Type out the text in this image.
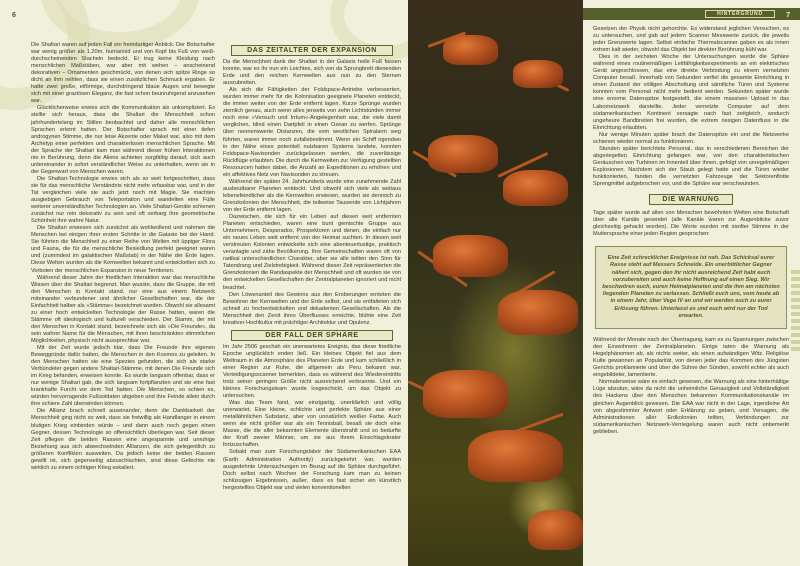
6

Die Shaltari waren auf jeden Fall ein fremdartiger Anblick. Der Botschafter war wenig größer als 1,20m, humanoid und von Kopf bis Fuß von weiß-durchscheinenden Stacheln bedeckt. Er trug keine Kleidung nach menschlichen Maßstäben, war aber mit wehen – anscheinend dekorativen – Ornamenten geschmückt, von denen sich spitze Ringe so dicht an ihm reihten, dass sie einen zusätzlichen Schmuck ergaben. Er hatte zwei große, eiförmige, durchdringend blaue Augen und bewegte sich mit einer graziösen Eleganz, die fast schon beunruhigend anzusehen war.

Glücklicherweise erwies sich die Kommunikation als unkompliziert. Es stellte sich heraus, dass die Shaltari die Menschheit schon jahrhundertelang im Stillen beobachtet und daher alle menschlichen Sprachen erlernt hatten. Der Botschafter sprach mit einer tiefen androgynen Stimme, die nur leise Akzente oder Makel war, also mit dem Archetyp einer perfekten und charakterlosen menschlichen Sprache. Mit der Sprache der Shaltari kam man während dieser frühen Interaktionen nie in Berührung, denn die Aliens achteten sorgfältig darauf, sich auch untereinander in sofort verständlicher Weise zu unterhalten, wenn sie in der Gegenwart von Menschen waren.

Die Shaltari-Technologie erwies sich als so weit fortgeschritten, dass sie für das menschliche Verständnis nicht mehr erfassbar war, und in der Tat vergleichen viele sie auch jetzt noch mit Magie. Sie machten ausgiebigen Gebrauch von Teleportation und wandelten eine Fülle weiterer unverständlicher Technologien an. Viele Shaltari-Geräte schienen zunächst nur rein dekorativ zu sein und oft verbarg ihre geometrische Schönheit ihre wahre Natur.

Die Shaltari erwiesen sich zunächst als wohlwollend und nahmen die Menschen bei einigen ihrer ersten Schritte in die Galaxie bei der Hand. Sie führten die Menschheit zu einer Reihe von Welten mit üppiger Flora und Fauna, die für die menschliche Besiedlung perfekt geeignet waren und (zumindest im galaktischen Maßstab) in der Nähe der Erde lagen. Diese Welten wurden als die Kernwelten bekannt und entwickelten sich zu Vorboten der menschlichen Expansion in neue Territorien.

Während dieser Jahre der friedlichen Interaktion war das menschliche Wissen über die Shaltari begrenzt. Man wusste, dass die Gruppe, die mit den Menschen in Kontakt stand, nur eine aus einem Netzwerk miteinander verbundener und ähnlicher Gesellschaften war, die der Einfachheit halber als »Stämme« bezeichnet wurden. Obwohl sie allesamt zu einer hoch entwickelten Technologie der Rasse hatten, waren die Stämme oft ideologisch und kulturell verschieden. Der Stamm, der mit den Menschen in Kontakt stand, bezeichnete sich als »Die Freunde«, da sein wahrer Name für die Menschen, mit ihren beschränkten stimmlichen Möglichkeiten, physisch nicht aussprechbar war.

Mit der Zeit wurde jedoch klar, dass Die Freunde ihre eigenen Beweggründe dafür hatten, die Menschen in den Kosmos zu geleiten. In den Menschen hatten sie eine Spezies gefunden, die sich als starke Verbündeter gegen andere Shaltari-Stämme, mit denen Die Freunde sich im Krieg befanden, erweisen konnte. Es wurde langsam offenbar, dass er nur wenige Shaltari gab, die sich langsam fortpflanzten und sie eine fast krankhafte Furcht vor dem Tod hatten. Die Menschen, so schien es, würden hervorragende Fußsoldaten abgeben und ihre Feinde allein durch ihre schiere Zahl überwinden können.

Die Allianz brach schnell auseinander, denn die Dankbarkeit der Menschheit ging nicht so weit, dass sie freiwillig als Handlanger in einem blutigen Krieg einbinden würde – und dann auch noch gegen einen Gegner, dessen Technologie so offensichtlich überlegen war. Seit dieser Zeit pflegen die beiden Rassen eine angespannte und unruhige Beziehung aus sich abwechselnden Allianzen, die sich gelegentlich zu größeren Konflikten ausweiten. Da jedoch keine der beiden Rassen gewillt ist, sich gegenseitig abzuschlachten, sind diese Gefechte nie wirklich zu einem richtigen Krieg eskaliert.

DAS ZEITALTER DER EXPANSION

Da die Menschheit dank der Shaltari in der Galaxis heile Fuß fassen konnte, war es ihr nun ein Leichtes, sich von da Sprungbrett dienenden Erde und den reichen Kernwelten aus nun zu den Sternen auszubreiten.

Als sich die Fähigkeiten der Foldspace-Antriebe verbesserten, wurden immer mehr für die Kolonisation geeignete Planeten entdeckt, die immer weiter von der Erde entfernt lagen. Kurze Sprünge wurden ziemlich genau, auch wenn alles jenseits von zehn Lichtstunden immer noch eine »Versuch und Irrtum«-Angelegenheit war, die viele damit verglichen, blind einen Dartpfeil in einen Ozean zu werfen. Sprünge über nennenswerte Distanzen, die vom westlichen Spiralarm weg führten, waren immer noch zufallsbestimmt. Wenn ein Schiff irgendwo in der Nähe eines potentiell nutzbaren Systems landete, konnten Foldspace-Navisonden zurückgelassen werden, die zuverlässige Rückflüge erlaubten. Die durch die Kernwelten zur Verfügung gestellten Ressourcen hatten dabei, die Anzahl an Expeditionen zu erhöhen und ein affektives Netz von Navisonden zu streuen.

Während der späten 24. Jahrhunderts wurde eine zunehmende Zahl ausbeutbarer Planeten entdeckt. Und obwohl sich viele als weitaus lebensfeindlicher als die Kernwelten erwiesen, wurden sie dennoch zu Grenzkolonien der Menschheit, die teilweise Tausende von Lichtjahren von der Erde entfernt lagen.

Dazwischen, die sich für ein Leben auf diesen weit entfernten Planeten entschieden, waren eine bunt gemischte Gruppe aus Unternehmern, Desperados, Prospektoren und denen, die einfach nur ein neues Leben weit entfernt von der Heimat suchten. In diesen weit verstreuten Kolonien entwickelte sich eine abenteuerlustige, praktisch veranlagte und zähe Bevölkerung. Ihre Gemeinschaften waren oft von radikal unterschiedlichen Charakter, aber sie alle teilten den Sinn für Tatendrang und Zielstrebigkeit. Während dieser Zeit repräsentierten die Grenzkolonien die Randaspekte der Menschheit und oft wurden sie von den entwickelten Gesellschaften der Zentralplaneten ignoriert und nicht beachtet.

Den Löwenanteil des Gewinns aus den Eroberungen ernteten die Bewohner der Kernwelten und der Erde selbst, und sie entfalteten sich schnell zu hochentwickelten und dekadenten Gesellschaften. Als die Menschheit den Zenit ihres Überflusses erreichte, blühte eine Zeit kreativer Hochkultur mit prächtiger Architektur und Opulenz.

DER FALL DER SPHÄRE

Im Jahr 2506 geschah ein unerwartetes Ereignis, das diese friedliche Epoche unglücklich enden ließ. Ein kleines Objekt fiel aus dem Weltraum in die Atmosphäre des Planeten Erde und kam schließlich in einer Region zur Ruhe, die allgemein als Peru bekannt war. Verteidigungsscanner bemerkten, dass es während des Wiedereintritts trotz seiner geringen Größe nicht ausreichend verbrannte. Und ein kleines Forschungsteam wurde losgeschickt, um das Objekt zu untersuchen.

Was das Team fand, war einzigartig, unerklärlich und völlig unerwartet. Eine kleine, schlichte und perfekte Sphäre aus einer metallähnlichen Substanz, aber von unnatürlich weißer Farbe. Auch wenn sie nicht größer war als ein Tennisball, besaß sie doch eine Masse, die die aller bekannten Elemente überstrahlt und so bedurfte der Kraft zweier Männer, um sie aus ihrem Einschlagskrater fortzuschaffen.

Sobald man zum Forschungslabor der Südamerikanischen EAA (Earth Administration Authority) zurückgekehrt war, wurden ausgedehnte Untersuchungen im Bezug auf die Sphäre durchgeführt. Doch selbst nach Wochen der Forschung kam man zu keinen schlüssigen Ergebnissen, außer, dass es fast sicher ein künstlich hergestelltes Objekt war und vielen konventionellen

HINTERGRUND	7

Gesetzen der Physik nicht gehorchte. Es widerstand jeglichen Versuchen, es zu untersuchen, und gab auf jedem Scanner Messwerte zurück, die jeweils jeder Grenzwerte lagen. Selbst einfache Thermalscanner gaben es als innen extrem kalt wieder, obwohl das Objekt bei direkter Berührung kühl war.

Dies in der sechsten Woche der Untersuchungen wurde die Sphäre während eines routinemäßigen Leitfähigkeitsexperiments an ein elektrisches Gerät angeschlossen, das eine direkte Verbindung zu einem vernetzten Computer besaß. Innerhalb von Sekunden verfiel die gesamte Einrichtung in einen Zustand der völligen Abschottung und sämtliche Türen und Systeme konnten vom Personal nicht mehr bedient werden. Sekunden später wurde eine enorme Datenspitze festgestellt, die einem massiven Upload in das Labornetzwerk darstellte. Jeder vernetzte Computer auf dem südamerikanischen Kontinent versagte nach fast zeitgleich, wodurch ungeheure Bandbreiten frei wurden, die extrem riesigen Datenfluss in die Einrichtung erlaubten.

Nur wenige Minuten später brach die Datenspitze ein und die Netzwerke schienen wieder normal zu funktionieren.

Stunden später berichtete Personal, das in verschiedenen Bereichen der abgeriegelten Einrichtung gefangen war, von den charakteristischen Geräuschen von Turbinen im Innenteil über ihnen, gefolgt von unregelmäßigen Explosionen. Nachdem sich der Staub gelegt hatte und die Türen wieder funktionierten, fanden die vernetzten Fahrzeuge der Sektorenflotte Sprengmittel aufgebrochen vor, und die Sphäre war verschwunden.

DIE WARNUNG

Tage später wurde auf allen von Menschen bewohnten Welten eine Botschaft über alle Kanäle gesendet (alle Kanäle waren zur Augenblicke zuvor gleichzeitig gehackt worden). Die Worte wurden mit sanfter Stimme in der Muttersprache einer jeden Region gesprochen:

Eine Zeit schrecklicher Ereignisse ist nah. Das Schicksal eurer Rasse steht auf Messers Schneide. Ein unerbittlicher Gegner nähert sich, gegen den ihr nicht ausreichend Zeit habt euch vorzubereiten und auch keine Hoffnung auf einen Sieg. Wir beschwören euch, euren Heimatplaneten und die ihm am nächsten liegenden Planeten zu verlassen. Schließt euch uns, vom heute ab in einem Jahr, über Vega IV an und wir werden euch zu eurer Erlösung führen. Unterlasst es und euch wird nur der Tod erwarten.

Während der Monate nach der Übertragung, kam es zu Spannungen zwischen den Einwohnern der Zentralplaneten. Einige taten die Warnung als Hegelphänomen ab, als nichts weiter, als einen aufwändigen Witz. Religiöse Kulte gewannen an Popularität, von denen jeder das Kommen des Jüngsten Gerichts proklamierte und über die Sühne der Sünden, sowohl echter als auch eingebildeter, lamentierte.

Normalerweise wäre es einfach gewesen, die Warnung als eine hinterhältige Lüge abzutun, wäre da nicht die unheimliche Genauigkeit und Vollständigkeit des Hackens über den Menschen bekannten Kommunikationskanäle im gleichen Augenblick gewesen. Die EAA war nicht in der Lage, irgendeine Art von abgestimmter Antwort oder Erklärung zu geben, und Versagen, die Administrationen aller Erdkolonien teilten, Verbindungen zur südamerikanischen Netzwerk-Verriegelung waren auch nicht unbemerkt geblieben.
